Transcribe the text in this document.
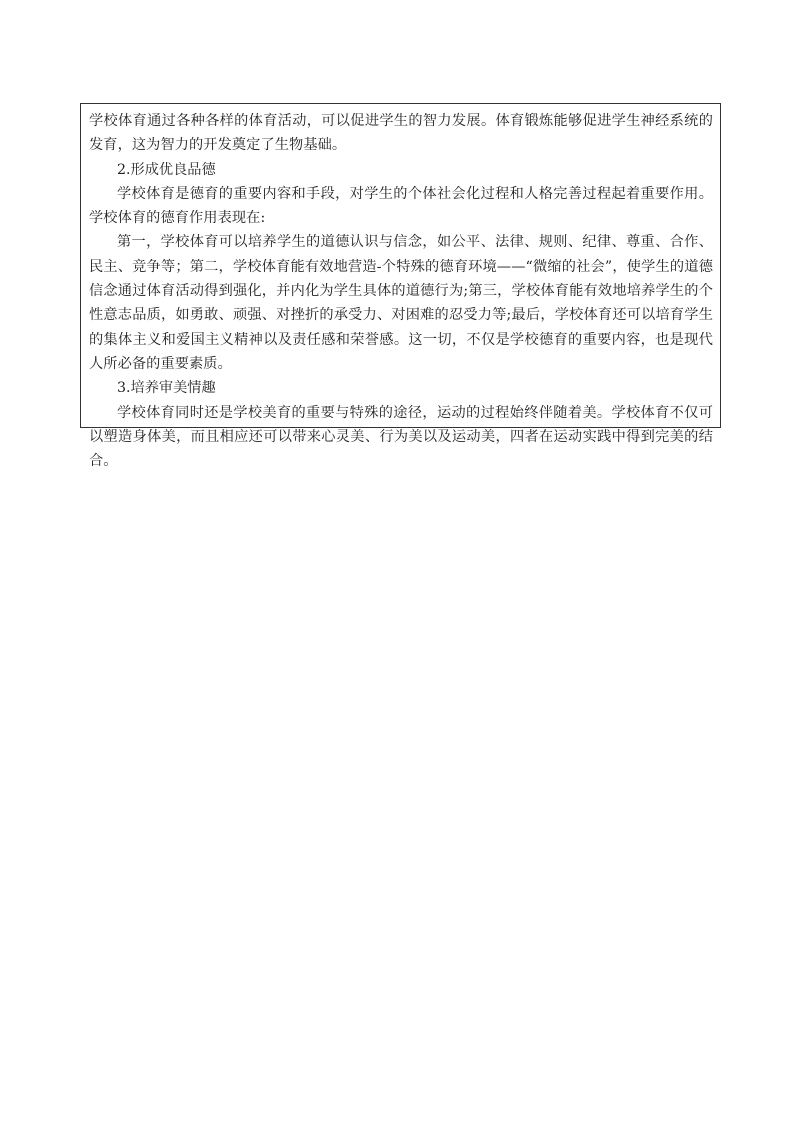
学校体育通过各种各样的体育活动，可以促进学生的智力发展。体育锻炼能够促进学生神经系统的发育，这为智力的开发奠定了生物基础。

2.形成优良品德

学校体育是德育的重要内容和手段，对学生的个体社会化过程和人格完善过程起着重要作用。学校体育的德育作用表现在:

第一，学校体育可以培养学生的道德认识与信念，如公平、法律、规则、纪律、尊重、合作、民主、竞争等；第二，学校体育能有效地营造-个特殊的德育环境——“微缩的社会”，使学生的道德信念通过体育活动得到强化，并内化为学生具体的道德行为;第三，学校体育能有效地培养学生的个性意志品质，如勇敢、顽强、对挫折的承受力、对困难的忍受力等;最后，学校体育还可以培育学生的集体主义和爱国主义精神以及责任感和荣誉感。这一切，不仅是学校德育的重要内容，也是现代人所必备的重要素质。

3.培养审美情趣

学校体育同时还是学校美育的重要与特殊的途径，运动的过程始终伴随着美。学校体育不仅可以塑造身体美，而且相应还可以带来心灵美、行为美以及运动美，四者在运动实践中得到完美的结合。
